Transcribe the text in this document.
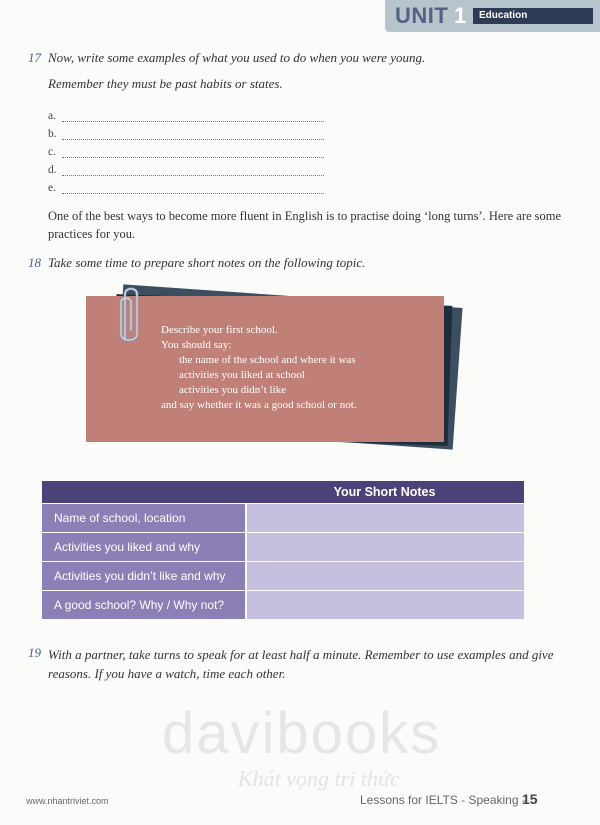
UNIT 1	Education
17 Now, write some examples of what you used to do when you were young.
Remember they must be past habits or states.
a.
b.
c.
d.
e.
One of the best ways to become more fluent in English is to practise doing ‘long turns’. Here are some
practices for you.
18 Take some time to prepare short notes on the following topic.
Describe your first school.
You should say:
the name of the school and where it was
activities you liked at school
activities you didn’t like
and say whether it was a good school or not.
Your Short Notes
Name of school, location
Activities you liked and why
Activities you didn’t like and why
A good school? Why / Why not?
19 With a partner, take turns to speak for at least half a minute. Remember to use examples and give
reasons. If you have a watch, time each other.
davibooks
Khát vọng tri thức
www.nhantriviet.com	Lessons for IELTS - Speaking -
15
